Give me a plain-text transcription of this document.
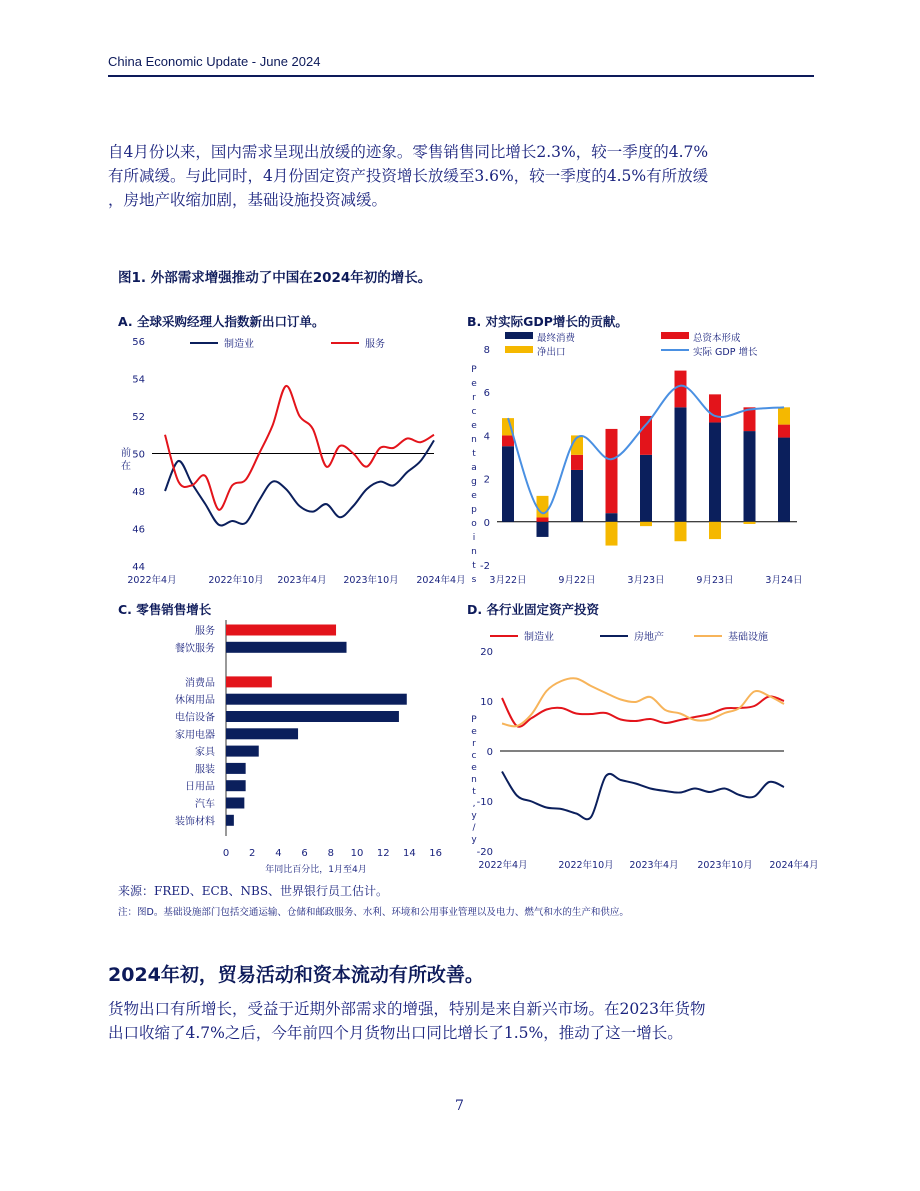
China Economic Update - June 2024
自4月份以来，国内需求呈现出放缓的迹象。零售销售同比增长2.3%，较一季度的4.7%
有所减缓。与此同时，4月份固定资产投资增长放缓至3.6%，较一季度的4.5%有所放缓
，房地产收缩加剧，基础设施投资减缓。
图1. 外部需求增强推动了中国在2024年初的增长。
A. 全球采购经理人指数新出口订单。	B. 对实际GDP增长的贡献。
C. 零售销售增长	D. 各行业固定资产投资
56
54
52
50
48
46
44
2022年4月	2022年10月 2023年4月 2023年10月 2024年4月
前
在
制造业	服务
8
6
4
2
0
-2
P
e
r
c
e
n
t
a
g
e
p
o
i
n
t
s
最终消费	总资本形成
净出口	实际 GDP 增长
3月22日	9月22日	3月23日	9月23日	3月24日
服务
餐饮服务
消费品
休闲用品
电信设备
家用电器
家具
服装
日用品
汽车
装饰材料
0 2 4 6 8 10 12 14 16
年同比百分比，1月至4月
20
10
0
-10
-20
P
e
r
c
e
n
t
,
y
/
y
制造业	房地产	基础设施
2022年4月	2022年10月 2023年4月 2023年10月 2024年4月
来源：FRED、ECB、NBS、世界银行员工估计。
注：图D。基础设施部门包括交通运输、仓储和邮政服务、水利、环境和公用事业管理以及电力、燃气和水的生产和供应。
2024年初，贸易活动和资本流动有所改善。
货物出口有所增长，受益于近期外部需求的增强，特别是来自新兴市场。在2023年货物
出口收缩了4.7%之后，今年前四个月货物出口同比增长了1.5%，推动了这一增长。
7
